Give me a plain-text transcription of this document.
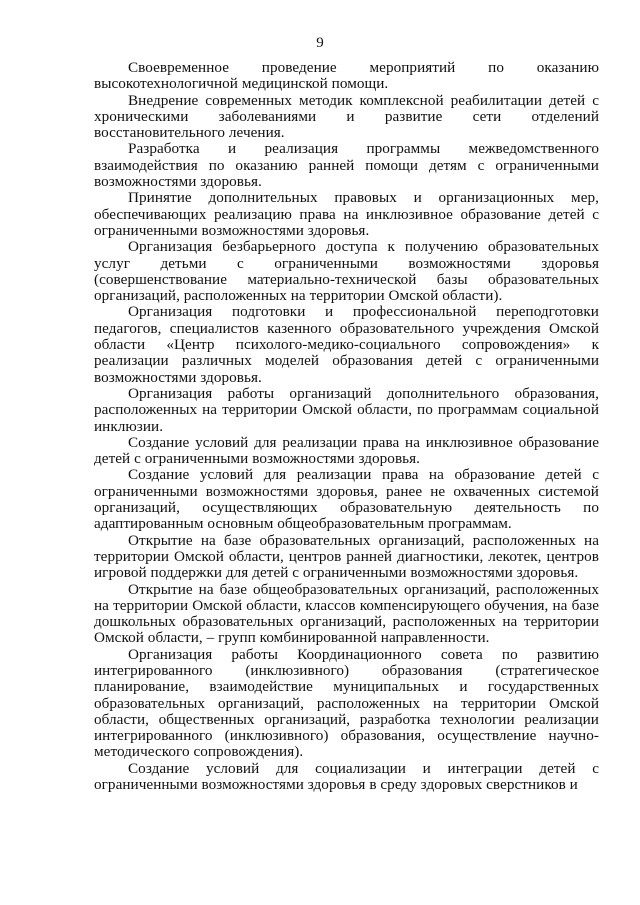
9

Своевременное проведение мероприятий по оказанию высокотехнологичной медицинской помощи.

Внедрение современных методик комплексной реабилитации детей с хроническими заболеваниями и развитие сети отделений восстановительного лечения.

Разработка и реализация программы межведомственного взаимодействия по оказанию ранней помощи детям с ограниченными возможностями здоровья.

Принятие дополнительных правовых и организационных мер, обеспечивающих реализацию права на инклюзивное образование детей с ограниченными возможностями здоровья.

Организация безбарьерного доступа к получению образовательных услуг детьми с ограниченными возможностями здоровья (совершенствование материально-технической базы образовательных организаций, расположенных на территории Омской области).

Организация подготовки и профессиональной переподготовки педагогов, специалистов казенного образовательного учреждения Омской области «Центр психолого-медико-социального сопровождения» к реализации различных моделей образования детей с ограниченными возможностями здоровья.

Организация работы организаций дополнительного образования, расположенных на территории Омской области, по программам социальной инклюзии.

Создание условий для реализации права на инклюзивное образование детей с ограниченными возможностями здоровья.

Создание условий для реализации права на образование детей с ограниченными возможностями здоровья, ранее не охваченных системой организаций, осуществляющих образовательную деятельность по адаптированным основным общеобразовательным программам.

Открытие на базе образовательных организаций, расположенных на территории Омской области, центров ранней диагностики, лекотек, центров игровой поддержки для детей с ограниченными возможностями здоровья.

Открытие на базе общеобразовательных организаций, расположенных на территории Омской области, классов компенсирующего обучения, на базе дошкольных образовательных организаций, расположенных на территории Омской области, – групп комбинированной направленности.

Организация работы Координационного совета по развитию интегрированного (инклюзивного) образования (стратегическое планирование, взаимодействие муниципальных и государственных образовательных организаций, расположенных на территории Омской области, общественных организаций, разработка технологии реализации интегрированного (инклюзивного) образования, осуществление научно-методического сопровождения).

Создание условий для социализации и интеграции детей с ограниченными возможностями здоровья в среду здоровых сверстников и
